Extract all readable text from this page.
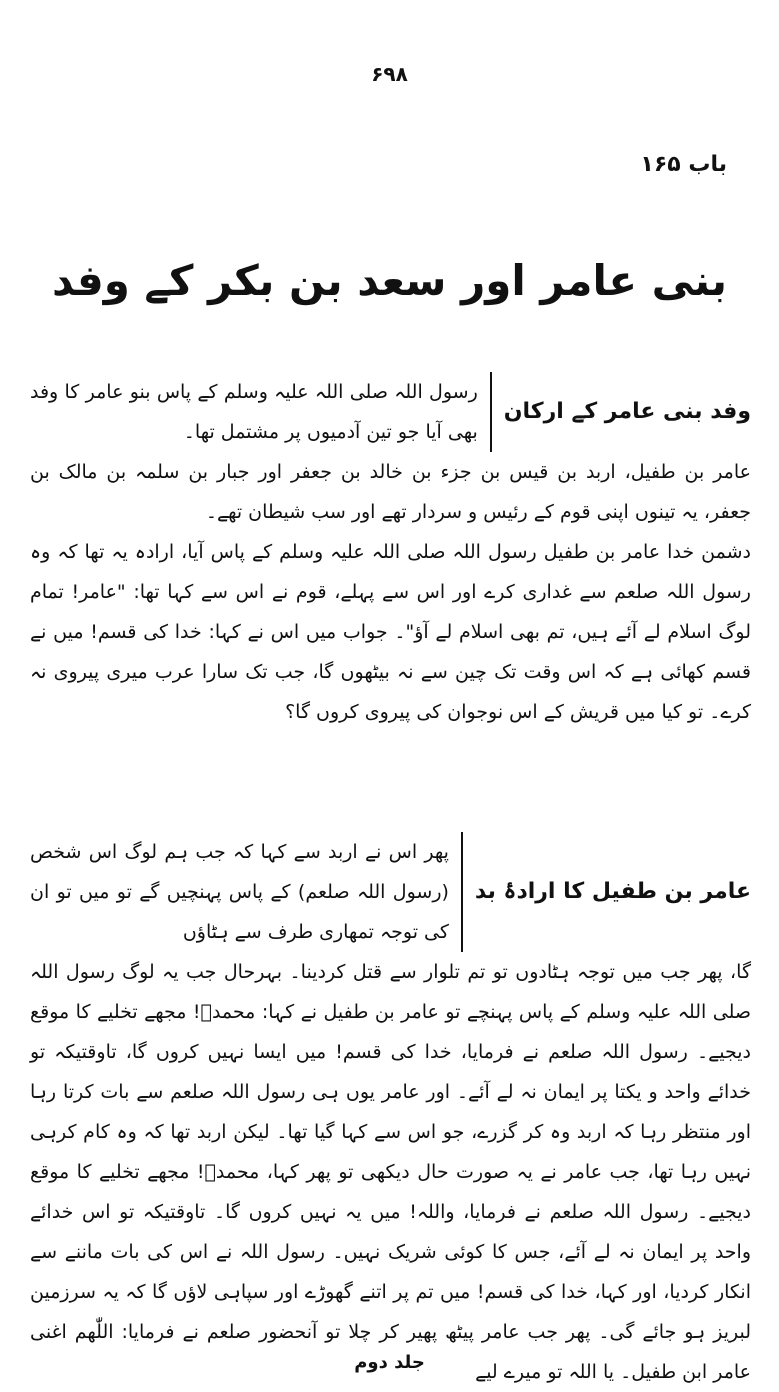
۶۹۸
باب ۱۶۵
بنی عامر اور سعد بن بکر کے وفد
وفد بنی عامر کے ارکان
رسول اللہ صلی اللہ علیہ وسلم کے پاس بنو عامر کا وفد بھی آیا جو تین آدمیوں پر مشتمل تھا۔

عامر بن طفیل، اربد بن قیس بن جزء بن خالد بن جعفر اور جبار بن سلمہ بن مالک بن جعفر، یہ تینوں اپنی قوم کے رئیس و سردار تھے اور سب شیطان تھے۔

دشمن خدا عامر بن طفیل رسول اللہ صلی اللہ علیہ وسلم کے پاس آیا، ارادہ یہ تھا کہ وہ رسول اللہ صلعم سے غداری کرے اور اس سے پہلے، قوم نے اس سے کہا تھا: "عامر! تمام لوگ اسلام لے آئے ہیں، تم بھی اسلام لے آؤ"۔ جواب میں اس نے کہا: خدا کی قسم! میں نے قسم کھائی ہے کہ اس وقت تک چین سے نہ بیٹھوں گا، جب تک سارا عرب میری پیروی نہ کرے۔ تو کیا میں قریش کے اس نوجوان کی پیروی کروں گا؟

عامر بن طفیل کا ارادۂ بد
پھر اس نے اربد سے کہا کہ جب ہم لوگ اس شخص (رسول اللہ صلعم) کے پاس پہنچیں گے تو میں تو ان کی توجہ تمھاری طرف سے ہٹاؤں

گا، پھر جب میں توجہ ہٹادوں تو تم تلوار سے قتل کردینا۔ بہرحال جب یہ لوگ رسول اللہ صلی اللہ علیہ وسلم کے پاس پہنچے تو عامر بن طفیل نے کہا: محمدؐ! مجھے تخلیے کا موقع دیجیے۔ رسول اللہ صلعم نے فرمایا، خدا کی قسم! میں ایسا نہیں کروں گا، تاوقتیکہ تو خدائے واحد و یکتا پر ایمان نہ لے آئے۔ اور عامر یوں ہی رسول اللہ صلعم سے بات کرتا رہا اور منتظر رہا کہ اربد وہ کر گزرے، جو اس سے کہا گیا تھا۔ لیکن اربد تھا کہ وہ کام کرہی نہیں رہا تھا، جب عامر نے یہ صورت حال دیکھی تو پھر کہا، محمدؐ! مجھے تخلیے کا موقع دیجیے۔ رسول اللہ صلعم نے فرمایا، واللہ! میں یہ نہیں کروں گا۔ تاوقتیکہ تو اس خدائے واحد پر ایمان نہ لے آئے، جس کا کوئی شریک نہیں۔ رسول اللہ نے اس کی بات ماننے سے انکار کردیا، اور کہا، خدا کی قسم! میں تم پر اتنے گھوڑے اور سپاہی لاؤں گا کہ یہ سرزمین لبریز ہو جائے گی۔ پھر جب عامر پیٹھ پھیر کر چلا تو آنحضور صلعم نے فرمایا: اللّٰھم اغنی عامر ابن طفیل۔ یا اللہ تو میرے لیے

جلد دوم
